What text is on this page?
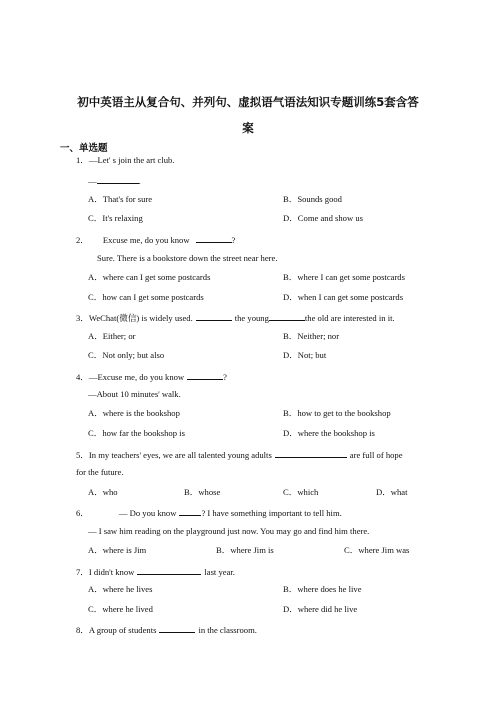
初中英语主从复合句、并列句、虚拟语气语法知识专题训练5套含答
案
一、单选题
1．—Let' s join the art club.
—	.
A．That's for sure	B．Sounds good
C．It's relaxing	D．Come and show us
2． Excuse me, do you know	?
Sure. There is a bookstore down the street near here.
A．where can I get some postcards	B．where I can get some postcards
C．how can I get some postcards	D．when I can get some postcards
3．WeChat(微信) is widely used.	the young	the old are interested in it.
A．Either; or	B．Neither; nor
C．Not only; but also	D．Not; but
4．—Excuse me, do you know	?
—About 10 minutes' walk.
A．where is the bookshop	B．how to get to the bookshop
C．how far the bookshop is	D．where the bookshop is
5．In my teachers' eyes, we are all talented young adults	are full of hope
for the future.
A．who	B．whose	C．which	D．what
6．	— Do you know	? I have something important to tell him.
— I saw him reading on the playground just now. You may go and find him there.
A．where is Jim	B．where Jim is	C．where Jim was
7．I didn't know	last year.
A．where he lives	B．where does he live
C．where he lived	D．where did he live
8．A group of students	in the classroom.
